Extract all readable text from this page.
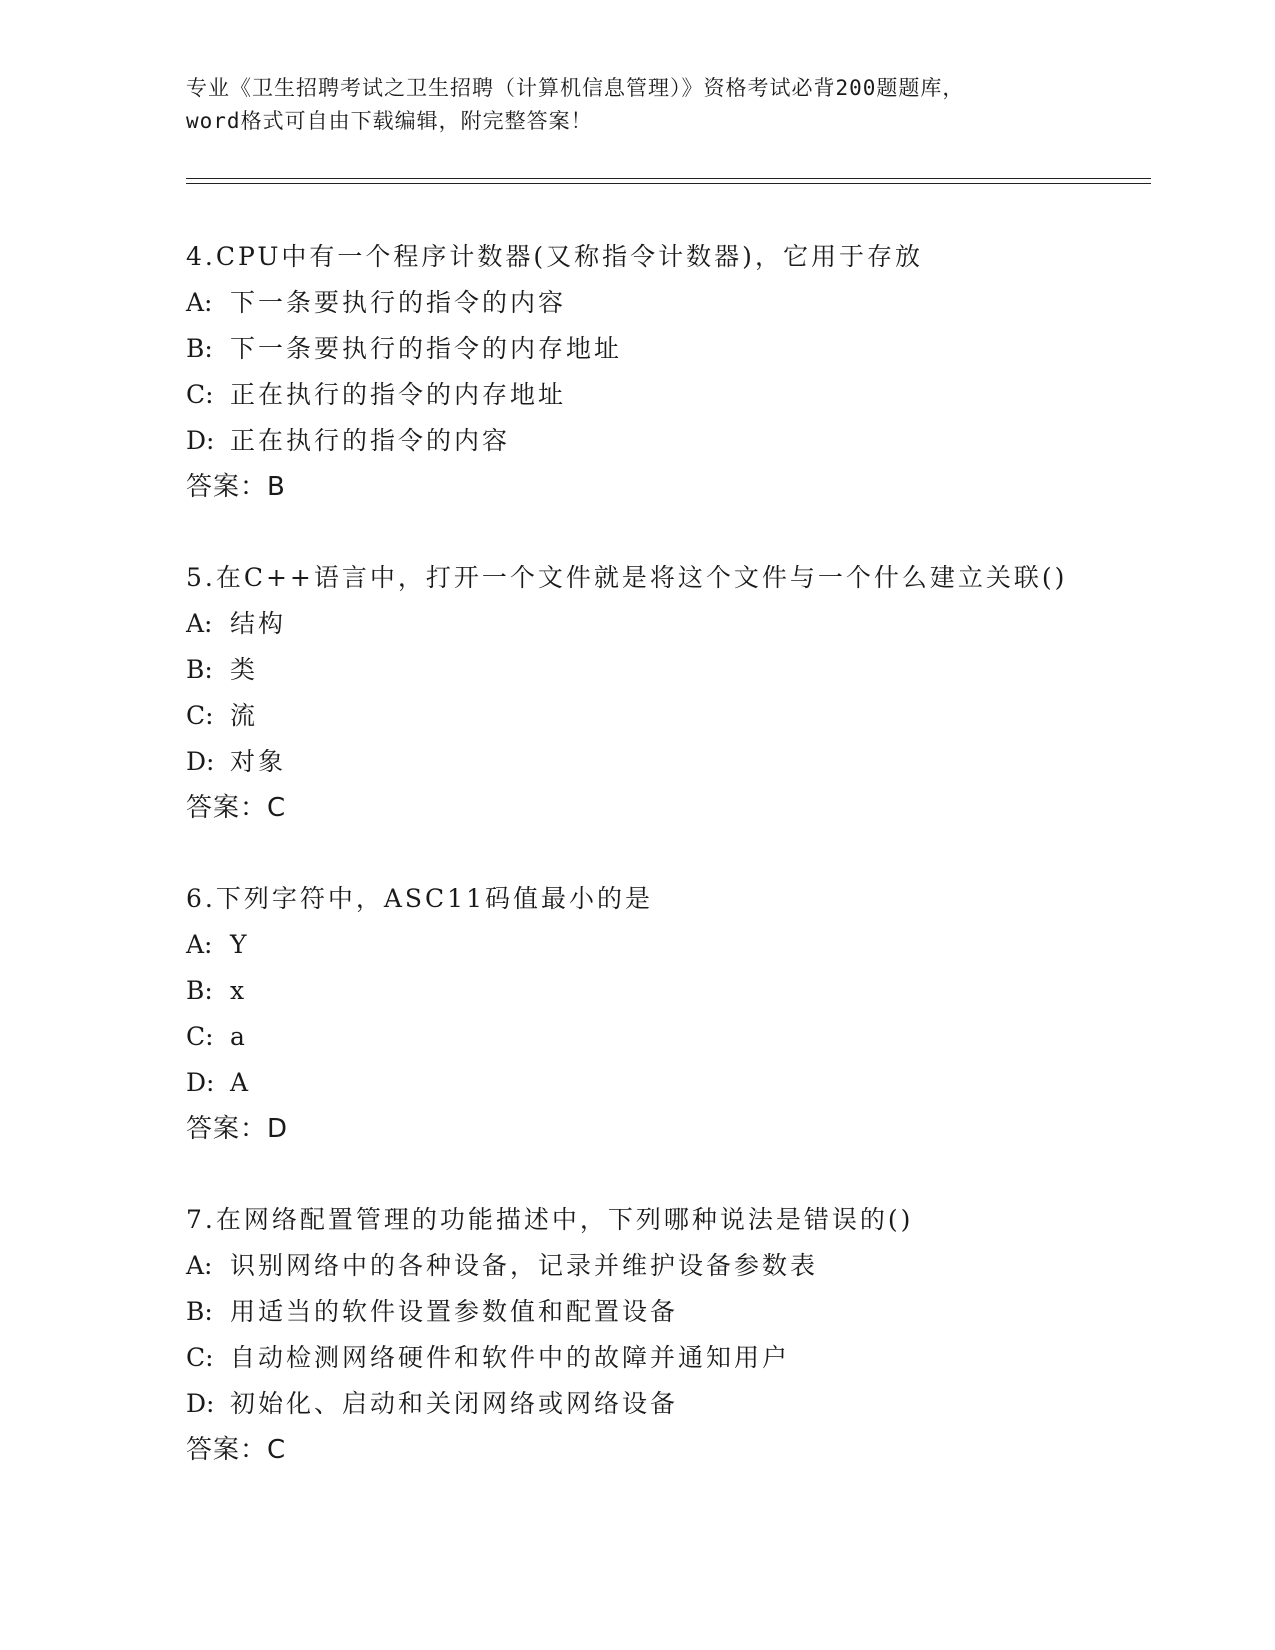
专业《卫生招聘考试之卫生招聘（计算机信息管理）》资格考试必背200题题库，
word格式可自由下载编辑，附完整答案！
4.CPU中有一个程序计数器(又称指令计数器)，它用于存放
A: 下一条要执行的指令的内容
B: 下一条要执行的指令的内存地址
C: 正在执行的指令的内存地址
D: 正在执行的指令的内容
答案：B
5.在C++语言中，打开一个文件就是将这个文件与一个什么建立关联()
A: 结构
B: 类
C: 流
D: 对象
答案：C
6.下列字符中，ASC11码值最小的是
A: Y
B: x
C: a
D: A
答案：D
7.在网络配置管理的功能描述中，下列哪种说法是错误的()
A: 识别网络中的各种设备，记录并维护设备参数表
B: 用适当的软件设置参数值和配置设备
C: 自动检测网络硬件和软件中的故障并通知用户
D: 初始化、启动和关闭网络或网络设备
答案：C
